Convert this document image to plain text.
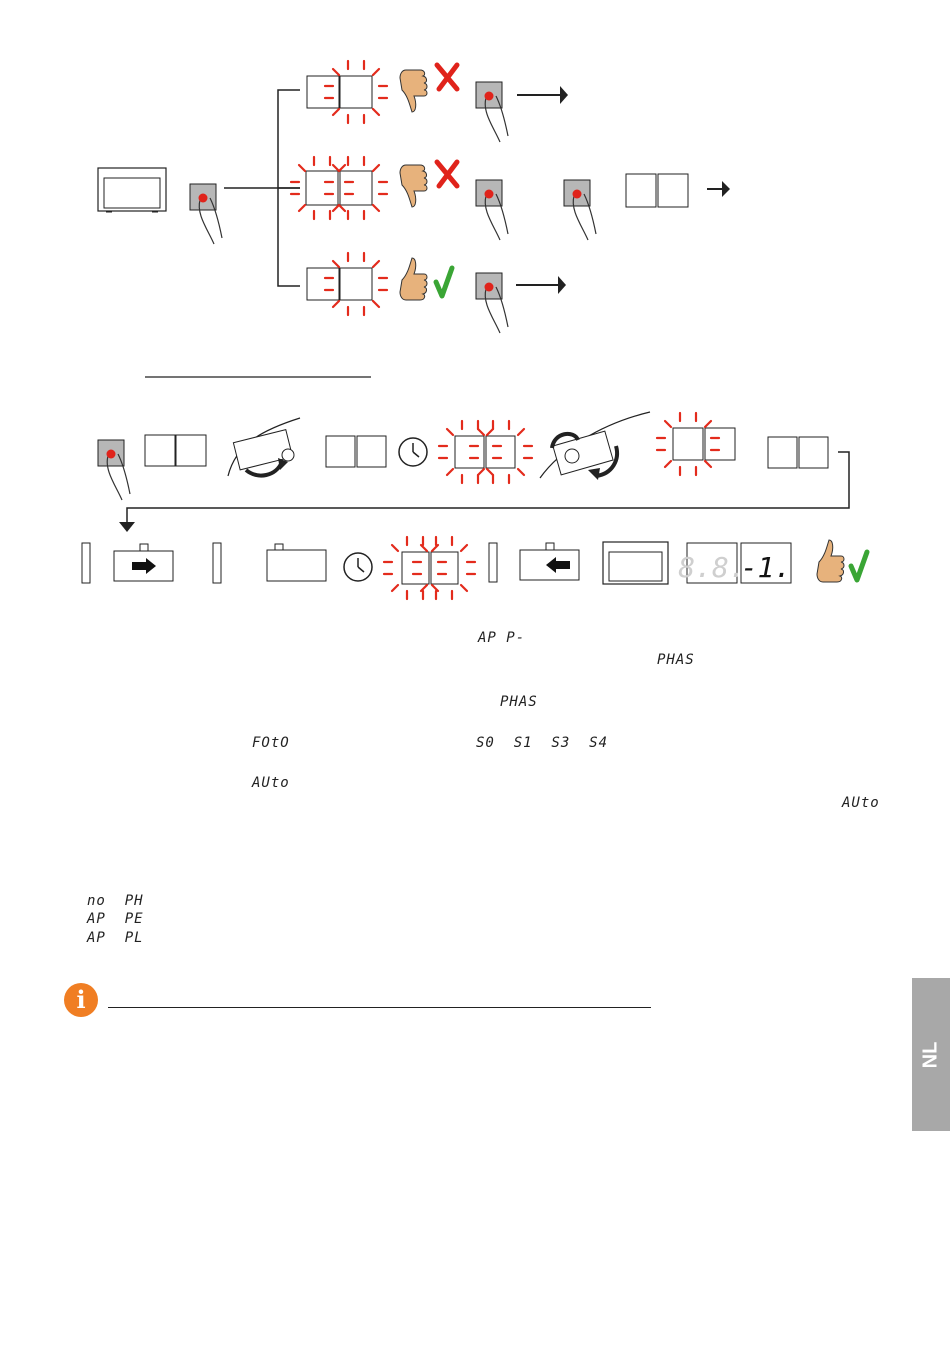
8.8.
-1.
AP P-
PHAS
PHAS
FOtO	S0  S1  S3  S4
AUto
AUto
no  PH
AP  PE
AP  PL
i
NL
